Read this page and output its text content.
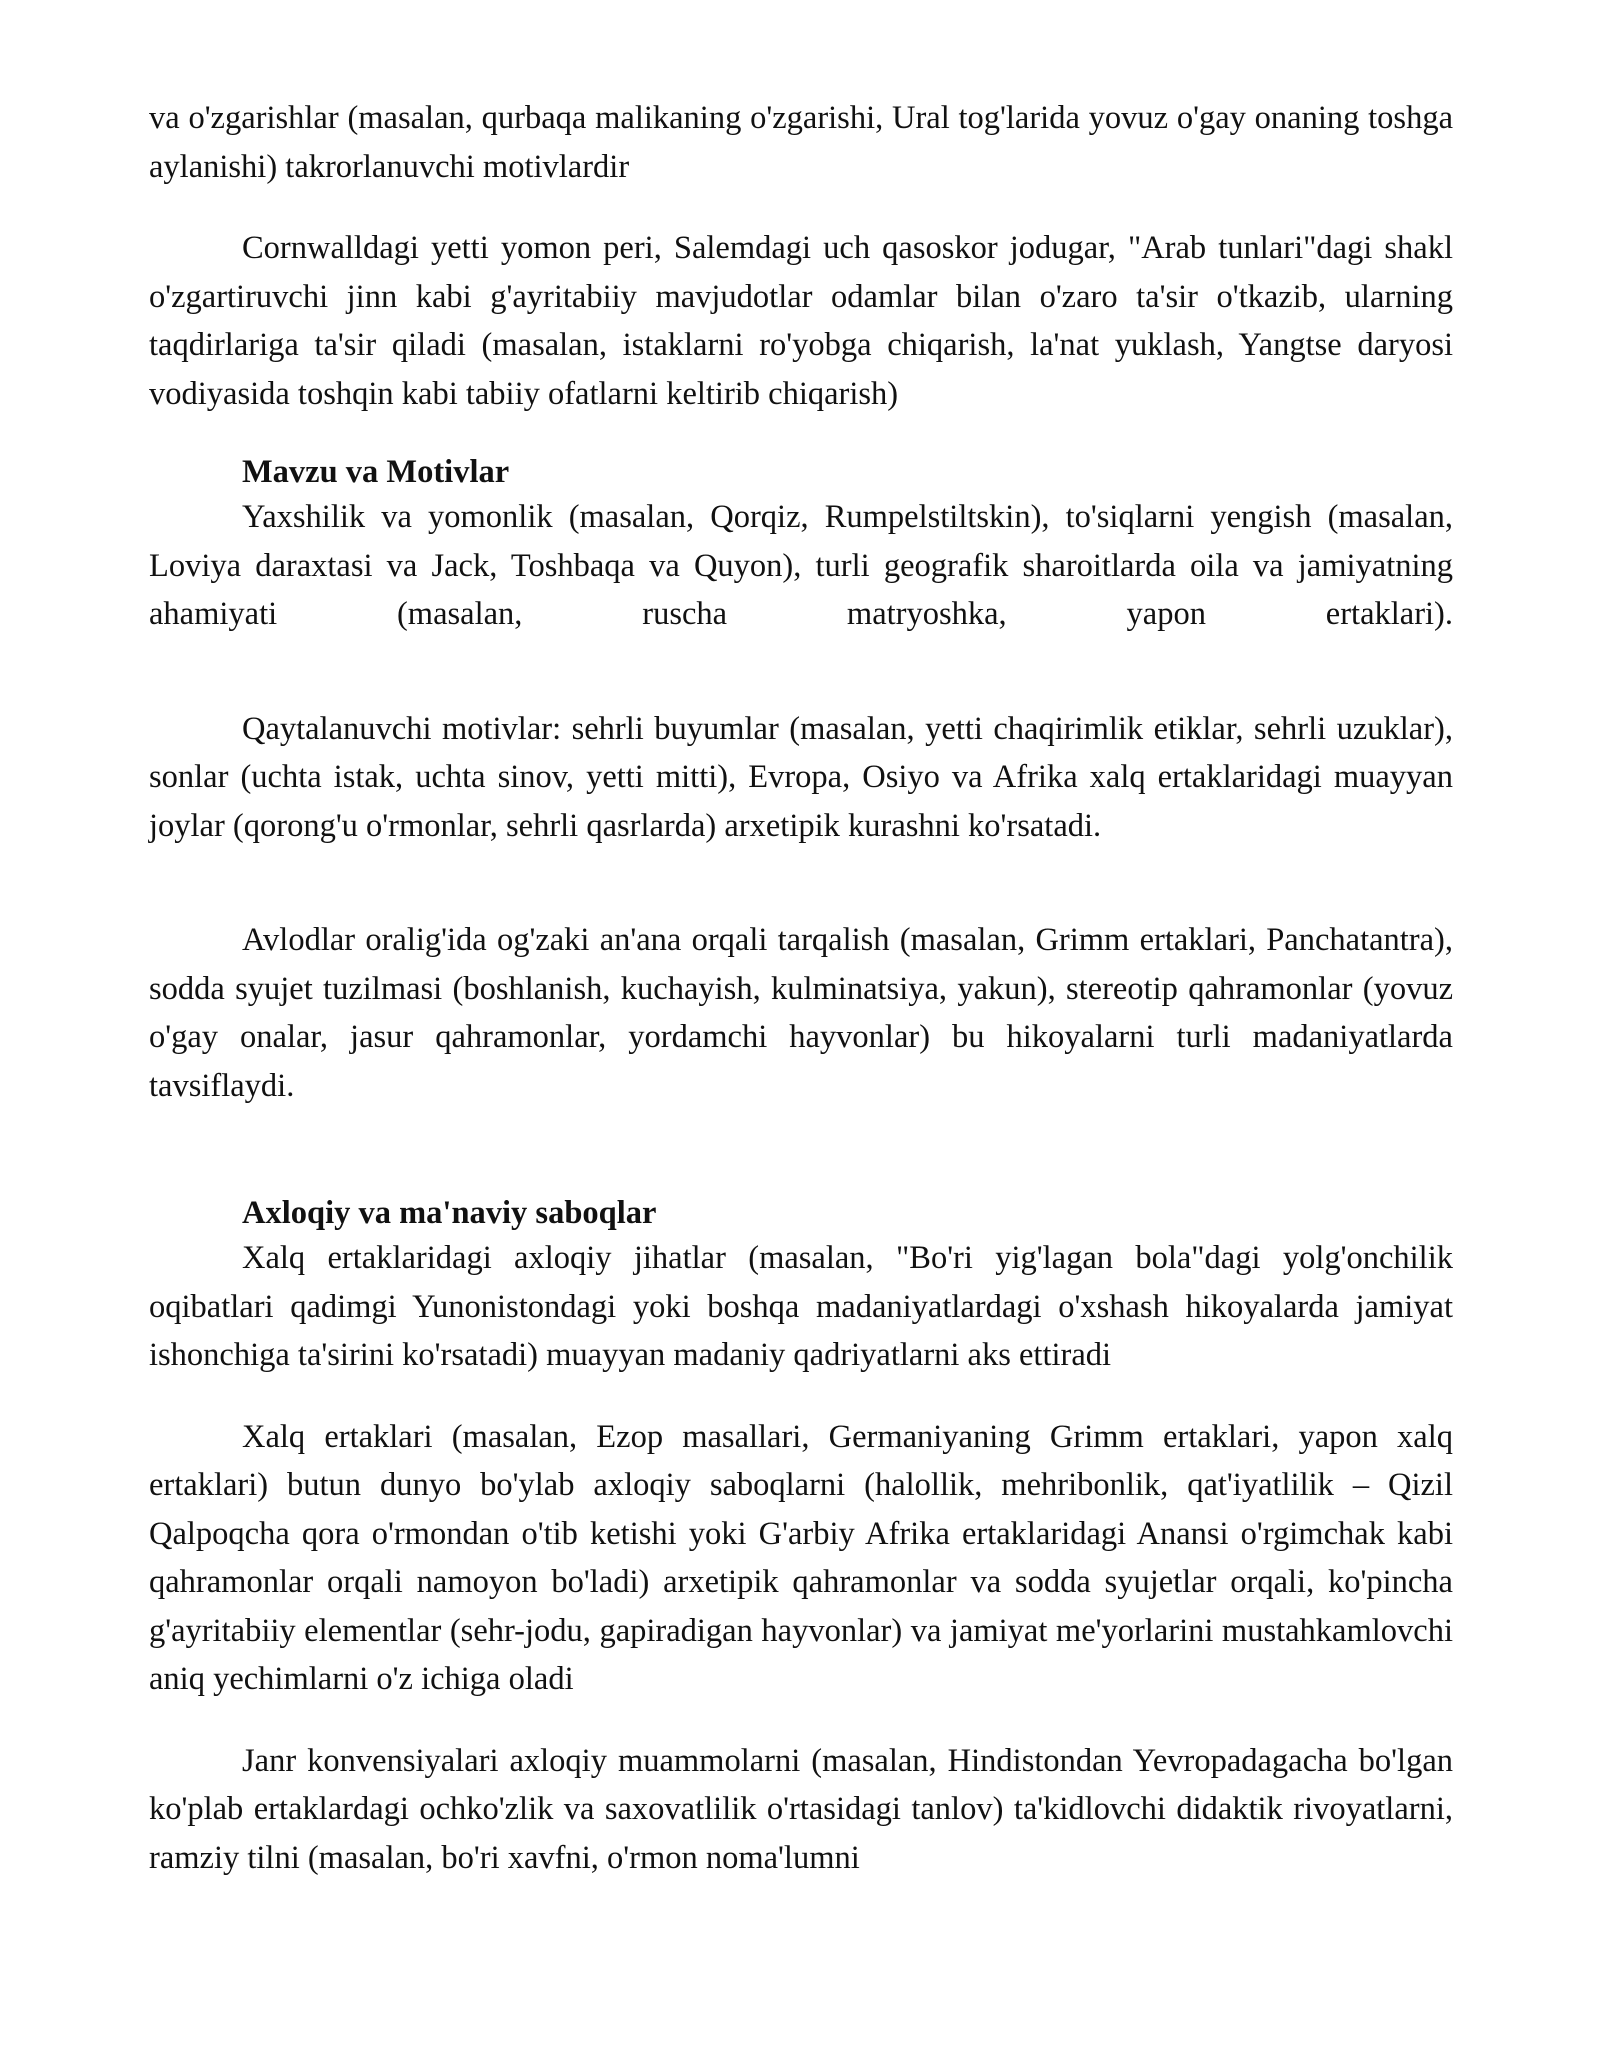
va o'zgarishlar (masalan, qurbaqa malikaning o'zgarishi, Ural tog'larida yovuz o'gay onaning toshga aylanishi) takrorlanuvchi motivlardir

Cornwalldagi yetti yomon peri, Salemdagi uch qasoskor jodugar, "Arab tunlari"dagi shakl o'zgartiruvchi jinn kabi g'ayritabiiy mavjudotlar odamlar bilan o'zaro ta'sir o'tkazib, ularning taqdirlariga ta'sir qiladi (masalan, istaklarni ro'yobga chiqarish, la'nat yuklash, Yangtse daryosi vodiyasida toshqin kabi tabiiy ofatlarni keltirib chiqarish)

Mavzu va Motivlar

Yaxshilik va yomonlik (masalan, Qorqiz, Rumpelstiltskin), to'siqlarni yengish (masalan, Loviya daraxtasi va Jack, Toshbaqa va Quyon), turli geografik sharoitlarda oila va jamiyatning ahamiyati (masalan, ruscha matryoshka, yapon ertaklari).

Qaytalanuvchi motivlar: sehrli buyumlar (masalan, yetti chaqirimlik etiklar, sehrli uzuklar), sonlar (uchta istak, uchta sinov, yetti mitti), Evropa, Osiyo va Afrika xalq ertaklaridagi muayyan joylar (qorong'u o'rmonlar, sehrli qasrlarda) arxetipik kurashni ko'rsatadi.

Avlodlar oralig'ida og'zaki an'ana orqali tarqalish (masalan, Grimm ertaklari, Panchatantra), sodda syujet tuzilmasi (boshlanish, kuchayish, kulminatsiya, yakun), stereotip qahramonlar (yovuz o'gay onalar, jasur qahramonlar, yordamchi hayvonlar) bu hikoyalarni turli madaniyatlarda tavsiflaydi.

Axloqiy va ma'naviy saboqlar

Xalq ertaklaridagi axloqiy jihatlar (masalan, "Bo'ri yig'lagan bola"dagi yolg'onchilik oqibatlari qadimgi Yunonistondagi yoki boshqa madaniyatlardagi o'xshash hikoyalarda jamiyat ishonchiga ta'sirini ko'rsatadi) muayyan madaniy qadriyatlarni aks ettiradi

Xalq ertaklari (masalan, Ezop masallari, Germaniyaning Grimm ertaklari, yapon xalq ertaklari) butun dunyo bo'ylab axloqiy saboqlarni (halollik, mehribonlik, qat'iyatlilik – Qizil Qalpoqcha qora o'rmondan o'tib ketishi yoki G'arbiy Afrika ertaklaridagi Anansi o'rgimchak kabi qahramonlar orqali namoyon bo'ladi) arxetipik qahramonlar va sodda syujetlar orqali, ko'pincha g'ayritabiiy elementlar (sehr-jodu, gapiradigan hayvonlar) va jamiyat me'yorlarini mustahkamlovchi aniq yechimlarni o'z ichiga oladi

Janr konvensiyalari axloqiy muammolarni (masalan, Hindistondan Yevropadagacha bo'lgan ko'plab ertaklardagi ochko'zlik va saxovatlilik o'rtasidagi tanlov) ta'kidlovchi didaktik rivoyatlarni, ramziy tilni (masalan, bo'ri xavfni, o'rmon noma'lumni
